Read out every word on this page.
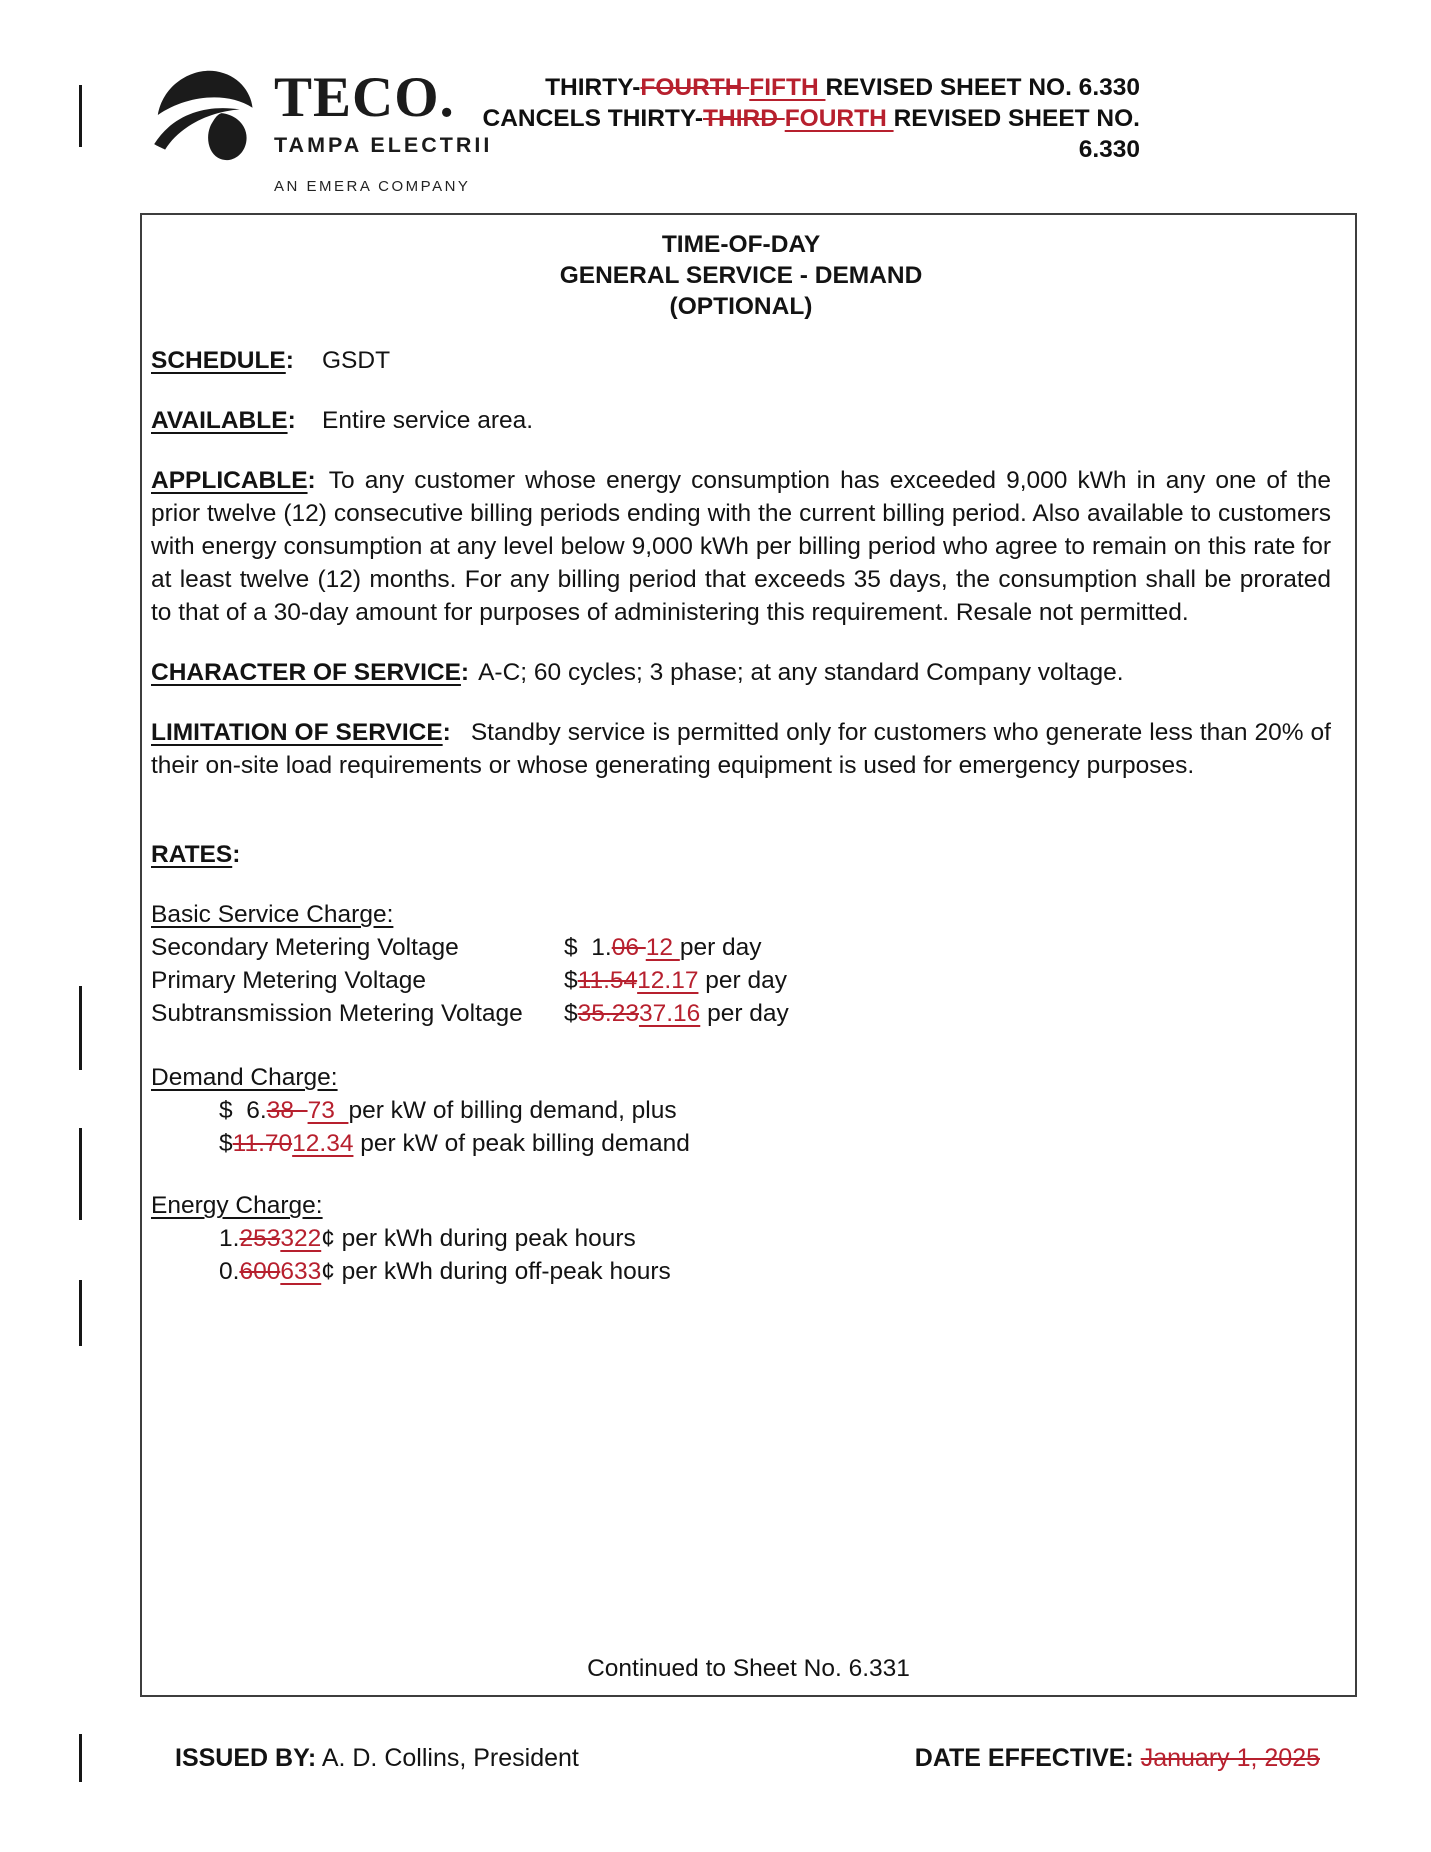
TECO.
TAMPA ELECTRII
AN EMERA COMPANY
THIRTY-FOURTH FIFTH REVISED SHEET NO. 6.330
CANCELS THIRTY-THIRD FOURTH REVISED SHEET NO.
6.330
TIME-OF-DAY
GENERAL SERVICE - DEMAND
(OPTIONAL)

SCHEDULE: GSDT

AVAILABLE: Entire service area.

APPLICABLE: To any customer whose energy consumption has exceeded 9,000 kWh in any one of the prior twelve (12) consecutive billing periods ending with the current billing period. Also available to customers with energy consumption at any level below 9,000 kWh per billing period who agree to remain on this rate for at least twelve (12) months. For any billing period that exceeds 35 days, the consumption shall be prorated to that of a 30-day amount for purposes of administering this requirement. Resale not permitted.

CHARACTER OF SERVICE: A-C; 60 cycles; 3 phase; at any standard Company voltage.

LIMITATION OF SERVICE: Standby service is permitted only for customers who generate less than 20% of their on-site load requirements or whose generating equipment is used for emergency purposes.

RATES:

Basic Service Charge:
Secondary Metering Voltage	$  1.06 12 per day
Primary Metering Voltage	$11.5412.17 per day
Subtransmission Metering Voltage	$35.2337.16 per day
Demand Charge:
$  6.38  73  per kW of billing demand, plus
$11.7012.34 per kW of peak billing demand
Energy Charge:
1.253322¢ per kWh during peak hours
0.600633¢ per kWh during off-peak hours
Continued to Sheet No. 6.331
ISSUED BY: A. D. Collins, President	DATE EFFECTIVE: January 1, 2025
